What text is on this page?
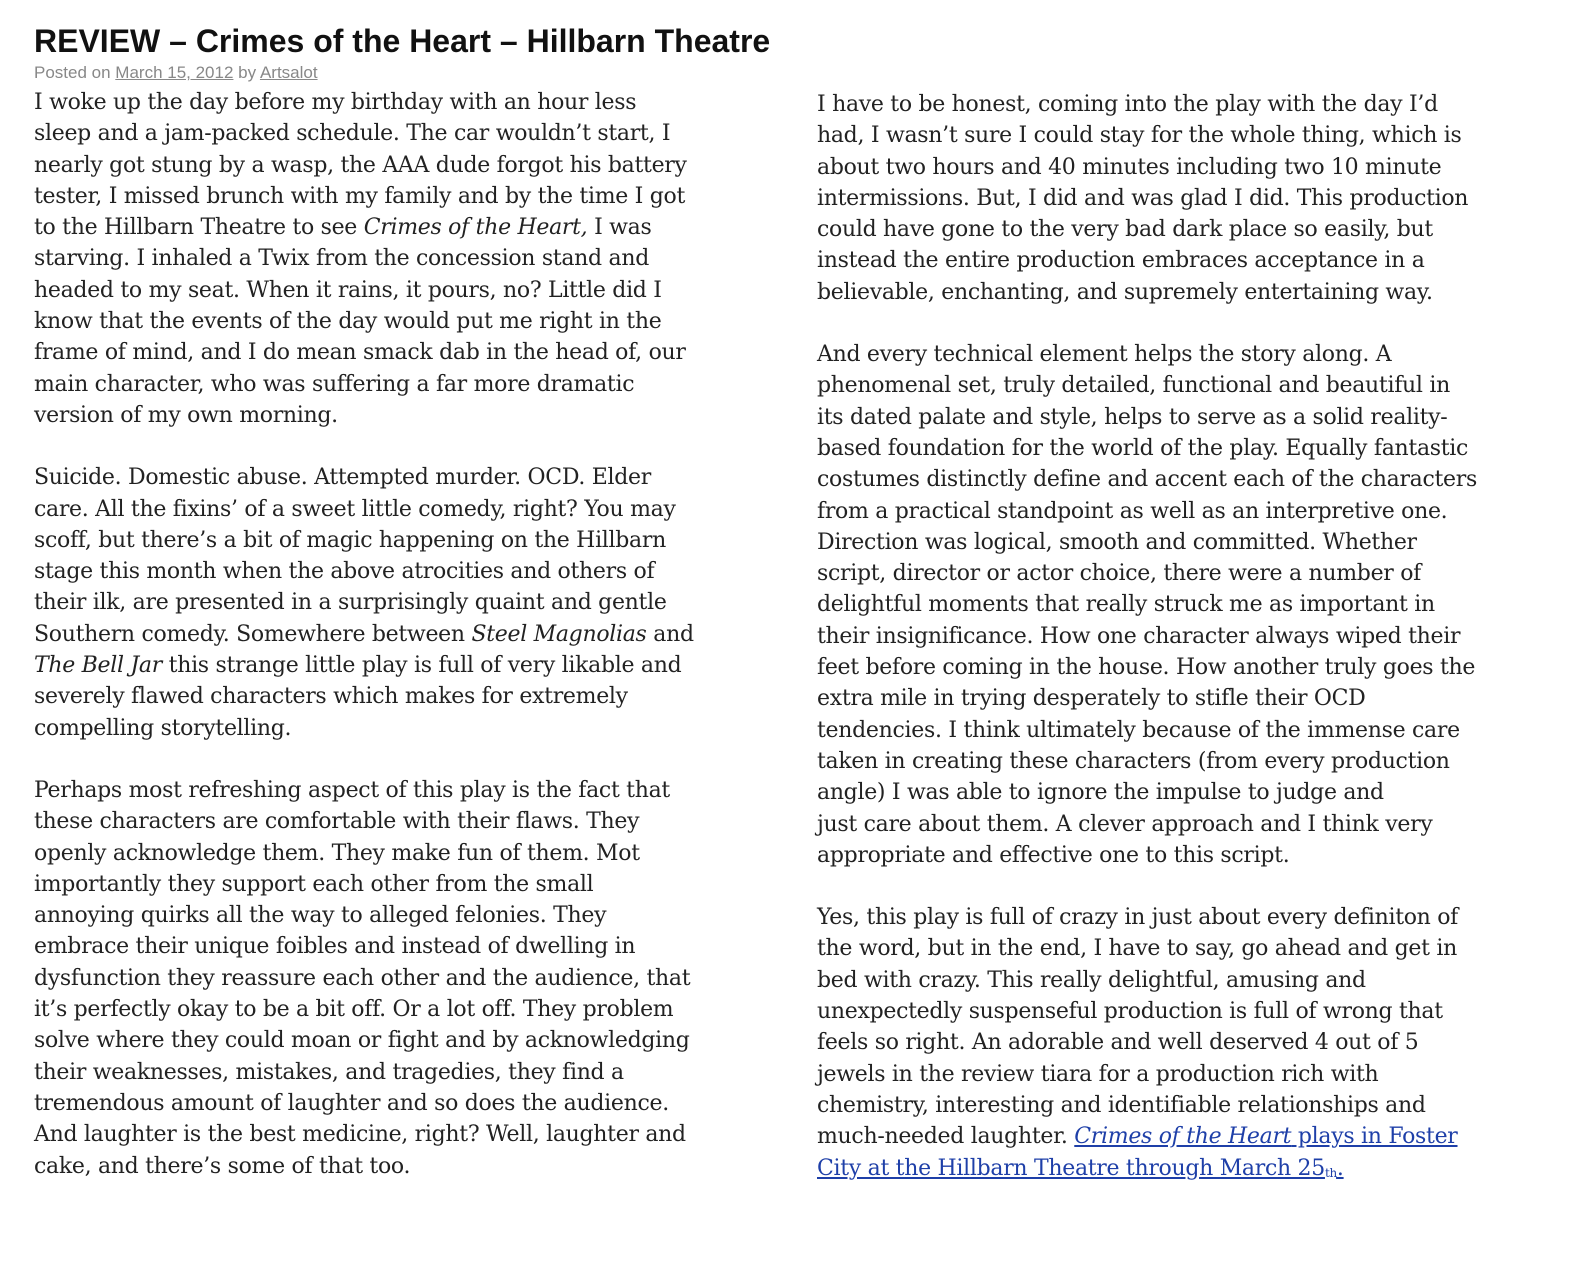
REVIEW – Crimes of the Heart – Hillbarn Theatre
Posted on March 15, 2012 by Artsalot

I woke up the day before my birthday with an hour less
sleep and a jam-packed schedule. The car wouldn’t start, I
nearly got stung by a wasp, the AAA dude forgot his battery
tester, I missed brunch with my family and by the time I got
to the Hillbarn Theatre to see Crimes of the Heart, I was
starving. I inhaled a Twix from the concession stand and
headed to my seat. When it rains, it pours, no? Little did I
know that the events of the day would put me right in the
frame of mind, and I do mean smack dab in the head of, our
main character, who was suffering a far more dramatic
version of my own morning.

Suicide. Domestic abuse. Attempted murder. OCD. Elder
care. All the fixins’ of a sweet little comedy, right? You may
scoff, but there’s a bit of magic happening on the Hillbarn
stage this month when the above atrocities and others of
their ilk, are presented in a surprisingly quaint and gentle
Southern comedy. Somewhere between Steel Magnolias and
The Bell Jar this strange little play is full of very likable and
severely flawed characters which makes for extremely
compelling storytelling.

Perhaps most refreshing aspect of this play is the fact that
these characters are comfortable with their flaws. They
openly acknowledge them. They make fun of them. Mot
importantly they support each other from the small
annoying quirks all the way to alleged felonies. They
embrace their unique foibles and instead of dwelling in
dysfunction they reassure each other and the audience, that
it’s perfectly okay to be a bit off. Or a lot off. They problem
solve where they could moan or fight and by acknowledging
their weaknesses, mistakes, and tragedies, they find a
tremendous amount of laughter and so does the audience.
And laughter is the best medicine, right? Well, laughter and
cake, and there’s some of that too.

I have to be honest, coming into the play with the day I’d
had, I wasn’t sure I could stay for the whole thing, which is
about two hours and 40 minutes including two 10 minute
intermissions. But, I did and was glad I did. This production
could have gone to the very bad dark place so easily, but
instead the entire production embraces acceptance in a
believable, enchanting, and supremely entertaining way.

And every technical element helps the story along. A
phenomenal set, truly detailed, functional and beautiful in
its dated palate and style, helps to serve as a solid reality-
based foundation for the world of the play. Equally fantastic
costumes distinctly define and accent each of the characters
from a practical standpoint as well as an interpretive one.
Direction was logical, smooth and committed. Whether
script, director or actor choice, there were a number of
delightful moments that really struck me as important in
their insignificance. How one character always wiped their
feet before coming in the house. How another truly goes the
extra mile in trying desperately to stifle their OCD
tendencies. I think ultimately because of the immense care
taken in creating these characters (from every production
angle) I was able to ignore the impulse to judge and
just care about them. A clever approach and I think very
appropriate and effective one to this script.

Yes, this play is full of crazy in just about every definiton of
the word, but in the end, I have to say, go ahead and get in
bed with crazy. This really delightful, amusing and
unexpectedly suspenseful production is full of wrong that
feels so right. An adorable and well deserved 4 out of 5
jewels in the review tiara for a production rich with
chemistry, interesting and identifiable relationships and
much-needed laughter. Crimes of the Heart plays in Foster
City at the Hillbarn Theatre through March 25th.
